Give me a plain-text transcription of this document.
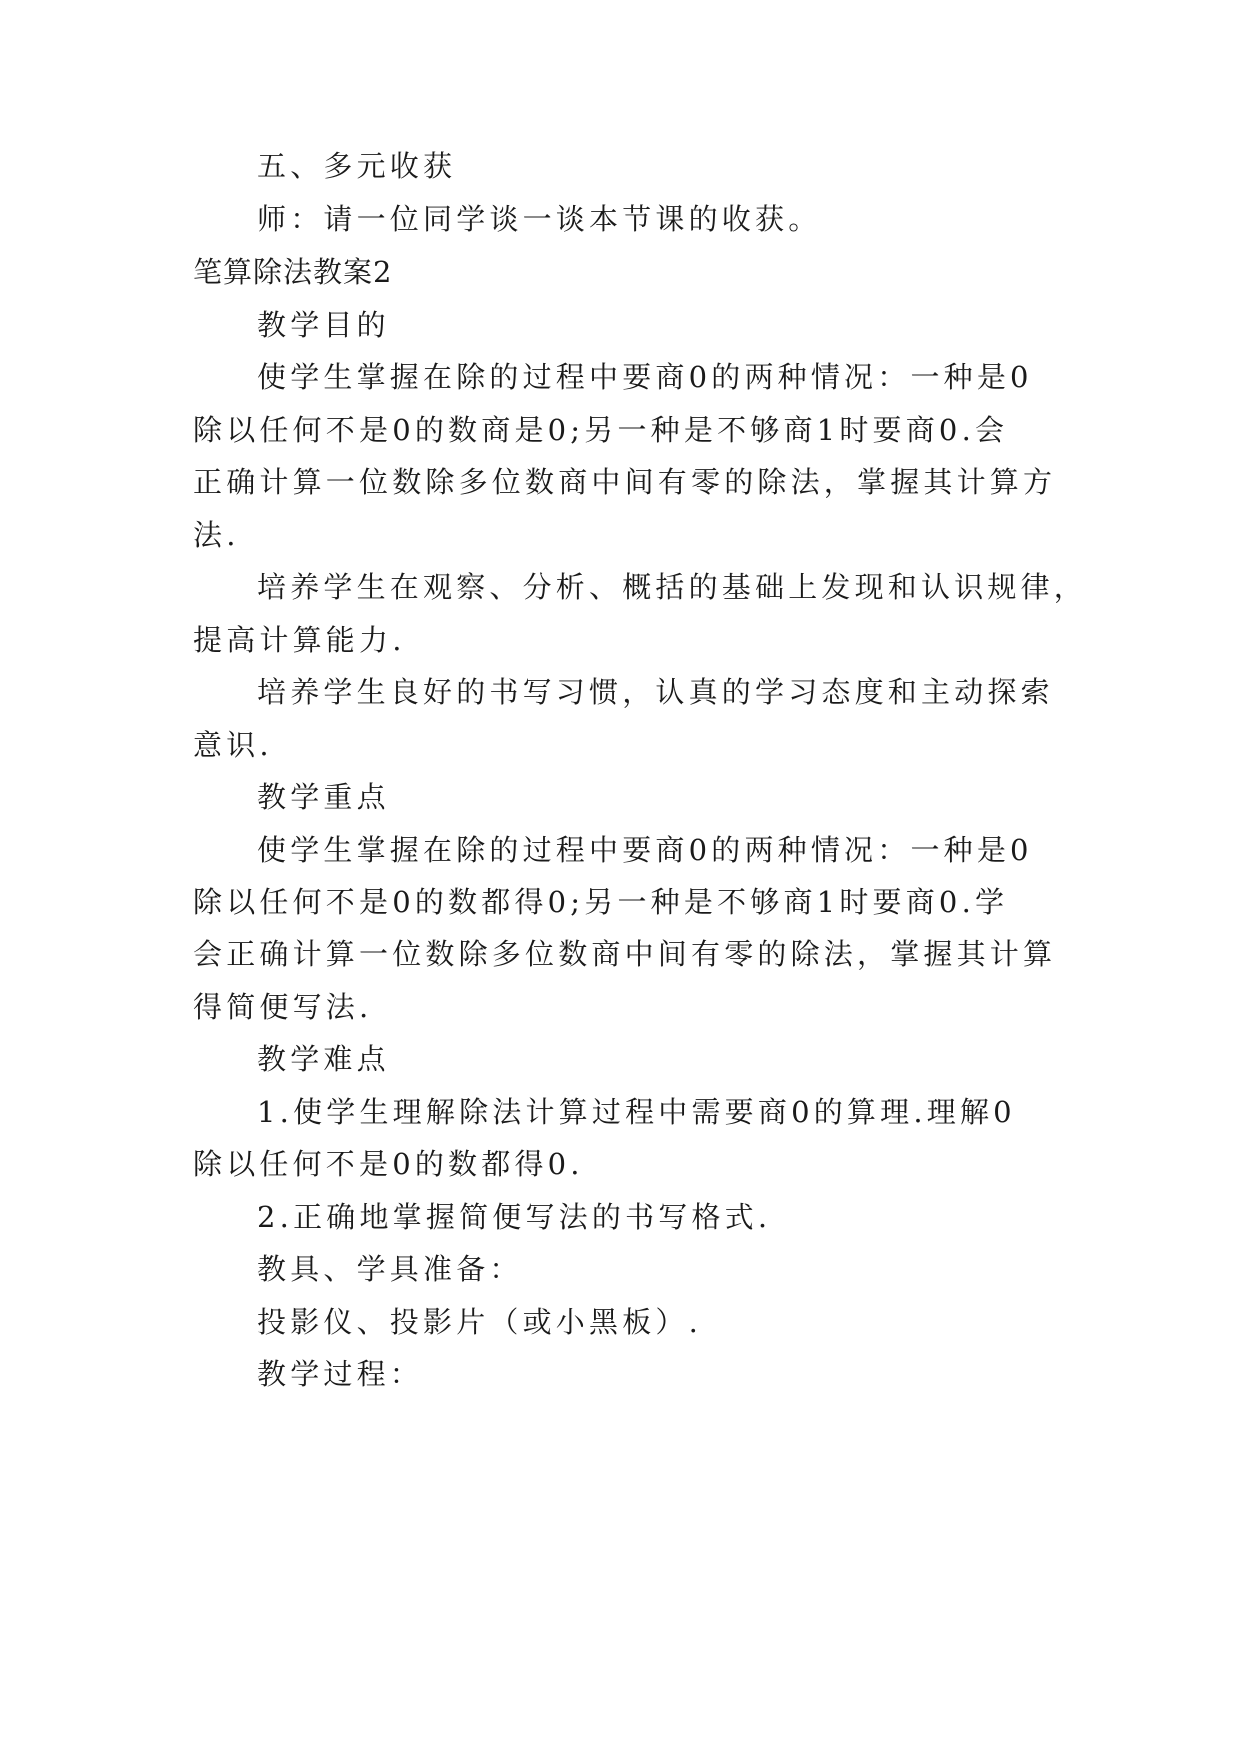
五、多元收获
师：请一位同学谈一谈本节课的收获。
笔算除法教案2
教学目的
使学生掌握在除的过程中要商0的两种情况：一种是0
除以任何不是0的数商是0;另一种是不够商1时要商0.会
正确计算一位数除多位数商中间有零的除法，掌握其计算方
法.
培养学生在观察、分析、概括的基础上发现和认识规律，
提高计算能力.
培养学生良好的书写习惯，认真的学习态度和主动探索
意识.
教学重点
使学生掌握在除的过程中要商0的两种情况：一种是0
除以任何不是0的数都得0;另一种是不够商1时要商0.学
会正确计算一位数除多位数商中间有零的除法，掌握其计算
得简便写法.
教学难点
1.使学生理解除法计算过程中需要商0的算理.理解0
除以任何不是0的数都得0.
2.正确地掌握简便写法的书写格式.
教具、学具准备：
投影仪、投影片（或小黑板）.
教学过程：
